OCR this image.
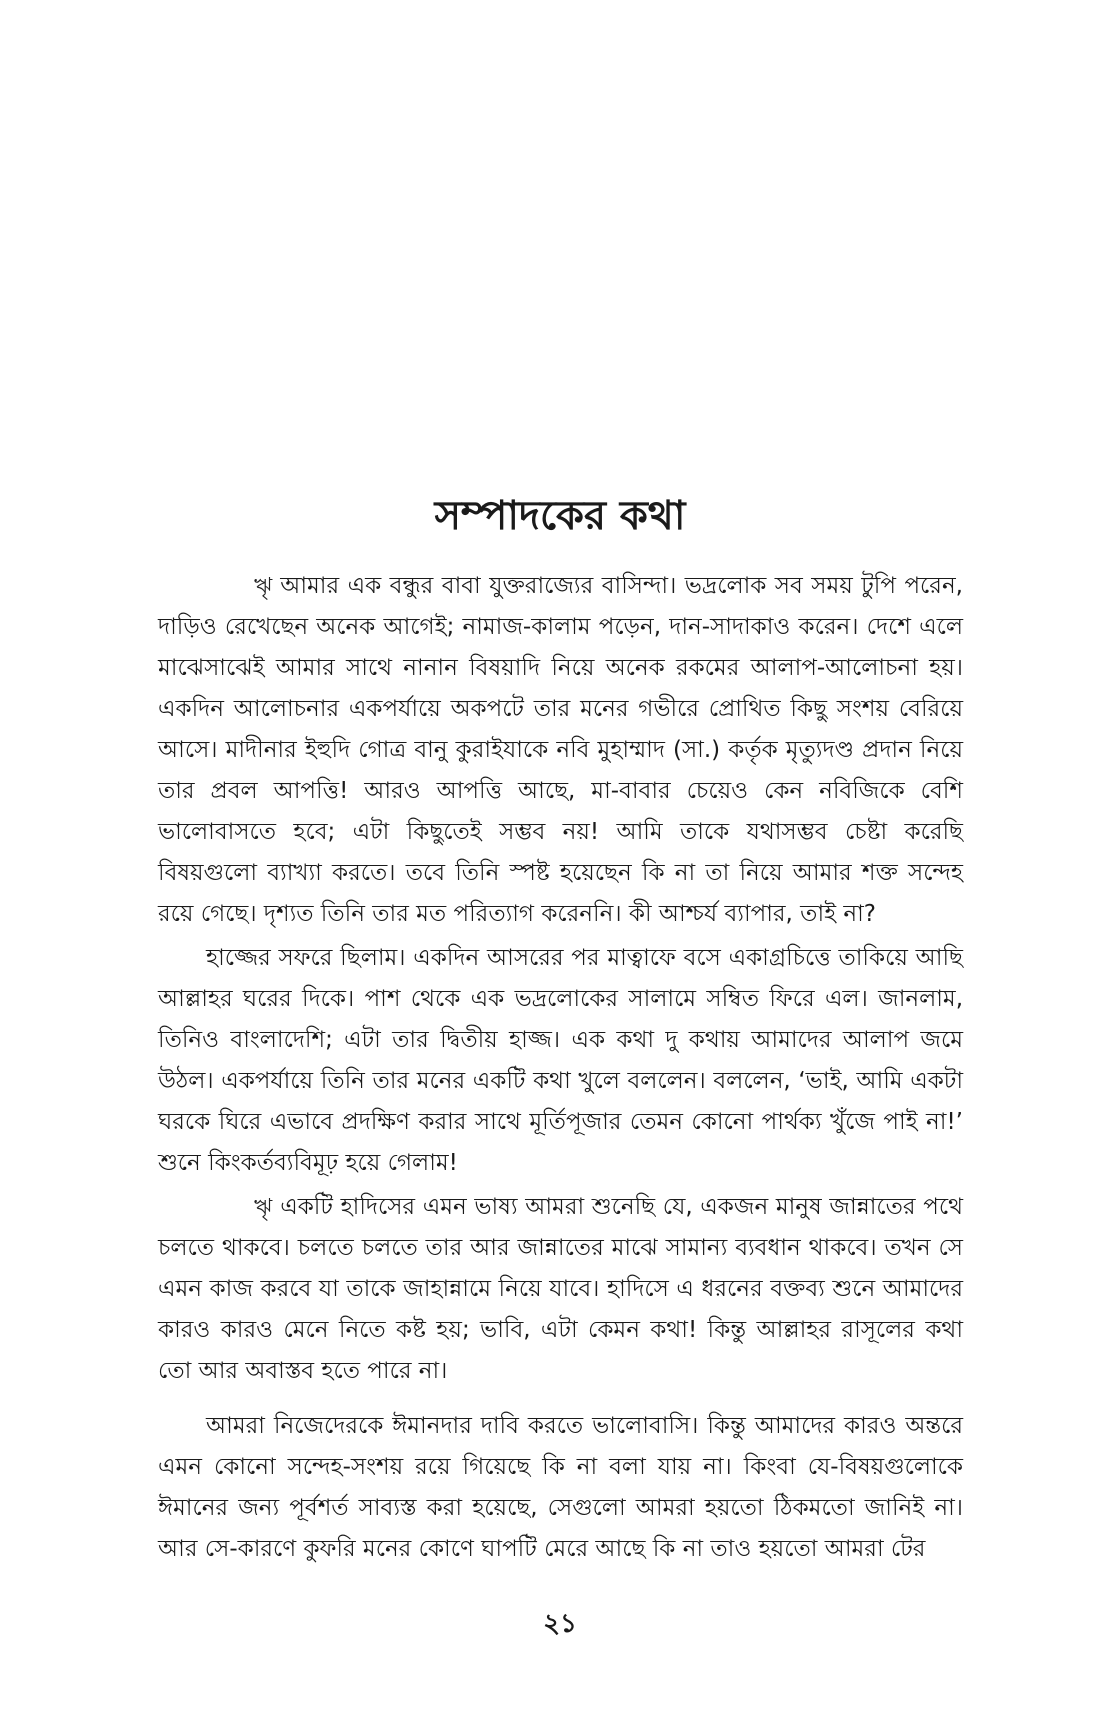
সম্পাদকের কথা

ৠ আমার এক বন্ধুর বাবা যুক্তরাজ্যের বাসিন্দা। ভদ্রলোক সব সময় টুপি পরেন, দাড়িও রেখেছেন অনেক আগেই; নামাজ-কালাম পড়েন, দান-সাদাকাও করেন। দেশে এলে মাঝেসাঝেই আমার সাথে নানান বিষয়াদি নিয়ে অনেক রকমের আলাপ-আলোচনা হয়। একদিন আলোচনার একপর্যায়ে অকপটে তার মনের গভীরে প্রোথিত কিছু সংশয় বেরিয়ে আসে। মাদীনার ইহুদি গোত্র বানু কুরাইযাকে নবি মুহাম্মাদ (সা.) কর্তৃক মৃত্যুদণ্ড প্রদান নিয়ে তার প্রবল আপত্তি! আরও আপত্তি আছে, মা-বাবার চেয়েও কেন নবিজিকে বেশি ভালোবাসতে হবে; এটা কিছুতেই সম্ভব নয়! আমি তাকে যথাসম্ভব চেষ্টা করেছি বিষয়গুলো ব্যাখ্যা করতে। তবে তিনি স্পষ্ট হয়েছেন কি না তা নিয়ে আমার শক্ত সন্দেহ রয়ে গেছে। দৃশ্যত তিনি তার মত পরিত্যাগ করেননি। কী আশ্চর্য ব্যাপার, তাই না?

হাজ্জের সফরে ছিলাম। একদিন আসরের পর মাত্বাফে বসে একাগ্রচিত্তে তাকিয়ে আছি আল্লাহর ঘরের দিকে। পাশ থেকে এক ভদ্রলোকের সালামে সম্বিত ফিরে এল। জানলাম, তিনিও বাংলাদেশি; এটা তার দ্বিতীয় হাজ্জ। এক কথা দু কথায় আমাদের আলাপ জমে উঠল। একপর্যায়ে তিনি তার মনের একটি কথা খুলে বললেন। বললেন, ‘ভাই, আমি একটা ঘরকে ঘিরে এভাবে প্রদক্ষিণ করার সাথে মূর্তিপূজার তেমন কোনো পার্থক্য খুঁজে পাই না!’ শুনে কিংকর্তব্যবিমূঢ় হয়ে গেলাম!

ৠ একটি হাদিসের এমন ভাষ্য আমরা শুনেছি যে, একজন মানুষ জান্নাতের পথে চলতে থাকবে। চলতে চলতে তার আর জান্নাতের মাঝে সামান্য ব্যবধান থাকবে। তখন সে এমন কাজ করবে যা তাকে জাহান্নামে নিয়ে যাবে। হাদিসে এ ধরনের বক্তব্য শুনে আমাদের কারও কারও মেনে নিতে কষ্ট হয়; ভাবি, এটা কেমন কথা! কিন্তু আল্লাহর রাসূলের কথা তো আর অবাস্তব হতে পারে না।

আমরা নিজেদেরকে ঈমানদার দাবি করতে ভালোবাসি। কিন্তু আমাদের কারও অন্তরে এমন কোনো সন্দেহ-সংশয় রয়ে গিয়েছে কি না বলা যায় না। কিংবা যে-বিষয়গুলোকে ঈমানের জন্য পূর্বশর্ত সাব্যস্ত করা হয়েছে, সেগুলো আমরা হয়তো ঠিকমতো জানিই না। আর সে-কারণে কুফরি মনের কোণে ঘাপটি মেরে আছে কি না তাও হয়তো আমরা টের

২১
